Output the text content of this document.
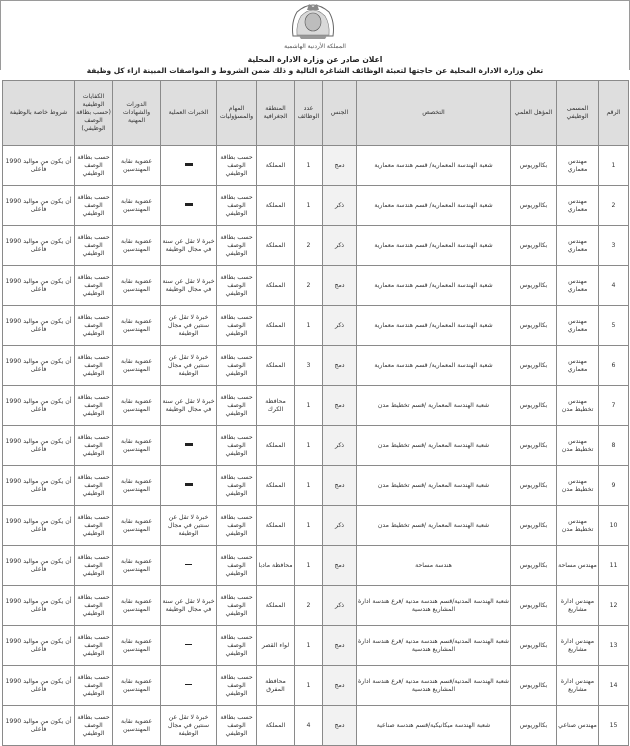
المملكة الأردنية الهاشمية
اعلان صادر عن وزارة الادارة المحلية
تعلن وزارة الادارة المحلية عن حاجتها لتعبئة الوظائف الشاغرة التالية و ذلك ضمن الشروط و المواصفات المبينة ازاء كل وظيفة
الرقم	المسمى الوظيفي	المؤهل العلمي	التخصص	الجنس	عدد الوظائف	المنطقة الجغرافية	المهام والمسؤوليات	الخبرات العملية	الدورات والشهادات المهنية	الكفايات الوظيفية (حسب بطاقة الوصف الوظيفي)	شروط خاصة بالوظيفة
1	مهندس معماري	بكالوريوس	شعبة الهندسة المعمارية/ قسم هندسة معمارية	دمج	1	المملكة	حسب بطاقة الوصف الوظيفي		عضوية نقابة المهندسين	حسب بطاقة الوصف الوظيفي	أن يكون من مواليد 1990 فأعلى
2	مهندس معماري	بكالوريوس	شعبة الهندسة المعمارية/ قسم هندسة معمارية	ذكر	1	المملكة	حسب بطاقة الوصف الوظيفي		عضوية نقابة المهندسين	حسب بطاقة الوصف الوظيفي	أن يكون من مواليد 1990 فأعلى
3	مهندس معماري	بكالوريوس	شعبة الهندسة المعمارية/ قسم هندسة معمارية	ذكر	2	المملكة	حسب بطاقة الوصف الوظيفي	خبرة لا تقل عن سنة في مجال الوظيفة	عضوية نقابة المهندسين	حسب بطاقة الوصف الوظيفي	أن يكون من مواليد 1990 فأعلى
4	مهندس معماري	بكالوريوس	شعبة الهندسة المعمارية/ قسم هندسة معمارية	دمج	2	المملكة	حسب بطاقة الوصف الوظيفي	خبرة لا تقل عن سنة في مجال الوظيفة	عضوية نقابة المهندسين	حسب بطاقة الوصف الوظيفي	أن يكون من مواليد 1990 فأعلى
5	مهندس معماري	بكالوريوس	شعبة الهندسة المعمارية/ قسم هندسة معمارية	ذكر	1	المملكة	حسب بطاقة الوصف الوظيفي	خبرة لا تقل عن سنتين في مجال الوظيفة	عضوية نقابة المهندسين	حسب بطاقة الوصف الوظيفي	أن يكون من مواليد 1990 فأعلى
6	مهندس معماري	بكالوريوس	شعبة الهندسة المعمارية/ قسم هندسة معمارية	دمج	3	المملكة	حسب بطاقة الوصف الوظيفي	خبرة لا تقل عن سنتين في مجال الوظيفة	عضوية نقابة المهندسين	حسب بطاقة الوصف الوظيفي	أن يكون من مواليد 1990 فأعلى
7	مهندس تخطيط مدن	بكالوريوس	شعبة الهندسة المعمارية /قسم تخطيط مدن	دمج	1	محافظة الكرك	حسب بطاقة الوصف الوظيفي	خبرة لا تقل عن سنة في مجال الوظيفة	عضوية نقابة المهندسين	حسب بطاقة الوصف الوظيفي	أن يكون من مواليد 1990 فأعلى
8	مهندس تخطيط مدن	بكالوريوس	شعبة الهندسة المعمارية /قسم تخطيط مدن	ذكر	1	المملكة	حسب بطاقة الوصف الوظيفي		عضوية نقابة المهندسين	حسب بطاقة الوصف الوظيفي	أن يكون من مواليد 1990 فأعلى
9	مهندس تخطيط مدن	بكالوريوس	شعبة الهندسة المعمارية /قسم تخطيط مدن	دمج	1	المملكة	حسب بطاقة الوصف الوظيفي		عضوية نقابة المهندسين	حسب بطاقة الوصف الوظيفي	أن يكون من مواليد 1990 فأعلى
10	مهندس تخطيط مدن	بكالوريوس	شعبة الهندسة المعمارية /قسم تخطيط مدن	ذكر	1	المملكة	حسب بطاقة الوصف الوظيفي	خبرة لا تقل عن سنتين في مجال الوظيفة	عضوية نقابة المهندسين	حسب بطاقة الوصف الوظيفي	أن يكون من مواليد 1990 فأعلى
11	مهندس مساحة	بكالوريوس	هندسة مساحة	دمج	1	محافظة مادبا	حسب بطاقة الوصف الوظيفي		عضوية نقابة المهندسين	حسب بطاقة الوصف الوظيفي	أن يكون من مواليد 1990 فأعلى
12	مهندس ادارة مشاريع	بكالوريوس	شعبة الهندسة المدنية/قسم هندسة مدنية /فرع هندسة ادارة المشاريع هندسية	ذكر	2	المملكة	حسب بطاقة الوصف الوظيفي	خبرة لا تقل عن سنة في مجال الوظيفة	عضوية نقابة المهندسين	حسب بطاقة الوصف الوظيفي	أن يكون من مواليد 1990 فأعلى
13	مهندس ادارة مشاريع	بكالوريوس	شعبة الهندسة المدنية/قسم هندسة مدنية /فرع هندسة ادارة المشاريع هندسية	دمج	1	لواء القصر	حسب بطاقة الوصف الوظيفي		عضوية نقابة المهندسين	حسب بطاقة الوصف الوظيفي	أن يكون من مواليد 1990 فأعلى
14	مهندس ادارة مشاريع	بكالوريوس	شعبة الهندسة المدنية/قسم هندسة مدنية /فرع هندسة ادارة المشاريع هندسية	دمج	1	محافظة المفرق	حسب بطاقة الوصف الوظيفي		عضوية نقابة المهندسين	حسب بطاقة الوصف الوظيفي	أن يكون من مواليد 1990 فأعلى
15	مهندس صناعي	بكالوريوس	شعبة الهندسة ميكانيكية/قسم هندسة صناعية	دمج	4	المملكة	حسب بطاقة الوصف الوظيفي	خبرة لا تقل عن سنتين في مجال الوظيفة	عضوية نقابة المهندسين	حسب بطاقة الوصف الوظيفي	أن يكون من مواليد 1990 فأعلى
